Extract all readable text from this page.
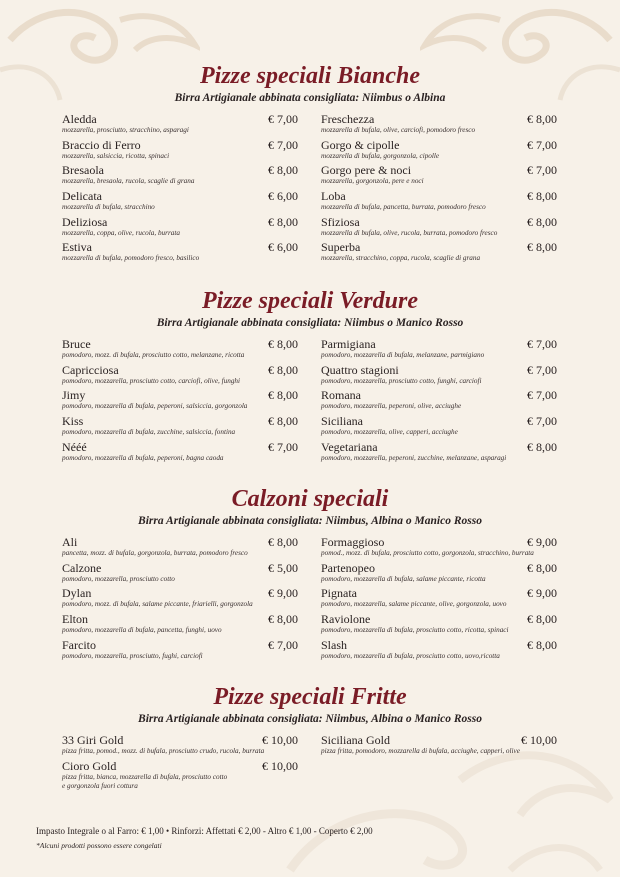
Pizze speciali Bianche

Birra Artigianale abbinata consigliata: Niimbus o Albina

Aledda	€ 7,00
mozzarella, prosciutto, stracchino, asparagi
Braccio di Ferro	€ 7,00
mozzarella, salsiccia, ricotta, spinaci
Bresaola	€ 8,00
mozzarella, bresaola, rucola, scaglie di grana
Delicata	€ 6,00
mozzarella di bufala, stracchino
Deliziosa	€ 8,00
mozzarella, coppa, olive, rucola, burrata
Estiva	€ 6,00
mozzarella di bufala, pomodoro fresco, basilico
Freschezza	€ 8,00
mozzarella di bufala, olive, carciofi, pomodoro fresco
Gorgo & cipolle	€ 7,00
mozzarella di bufala, gorgonzola, cipolle
Gorgo pere & noci	€ 7,00
mozzarella, gorgonzola, pere e noci
Loba	€ 8,00
mozzarella di bufala, pancetta, burrata, pomodoro fresco
Sfiziosa	€ 8,00
mozzarella di bufala, olive, rucola, burrata, pomodoro fresco
Superba	€ 8,00
mozzarella, stracchino, coppa, rucola, scaglie di grana
Pizze speciali Verdure

Birra Artigianale abbinata consigliata: Niimbus o Manico Rosso

Bruce	€ 8,00
pomodoro, mozz. di bufala, prosciutto cotto, melanzane, ricotta
Capricciosa	€ 8,00
pomodoro, mozzarella, prosciutto cotto, carciofi, olive, funghi
Jimy	€ 8,00
pomodoro, mozzarella di bufala, peperoni, salsiccia, gorgonzola
Kiss	€ 8,00
pomodoro, mozzarella di bufala, zucchine, salsiccia, fontina
Nééé	€ 7,00
pomodoro, mozzarella di bufala, peperoni, bagna caoda
Parmigiana	€ 7,00
pomodoro, mozzarella di bufala, melanzane, parmigiano
Quattro stagioni	€ 7,00
pomodoro, mozzarella, prosciutto cotto, funghi, carciofi
Romana	€ 7,00
pomodoro, mozzarella, peperoni, olive, acciughe
Siciliana	€ 7,00
pomodoro, mozzarella, olive, capperi, acciughe
Vegetariana	€ 8,00
pomodoro, mozzarella, peperoni, zucchine, melanzane, asparagi
Calzoni speciali

Birra Artigianale abbinata consigliata: Niimbus, Albina o Manico Rosso

Ali	€ 8,00
pancetta, mozz. di bufala, gorgonzola, burrata, pomodoro fresco
Calzone	€ 5,00
pomodoro, mozzarella, prosciutto cotto
Dylan	€ 9,00
pomodoro, mozz. di bufala, salame piccante, friarielli, gorgonzola
Elton	€ 8,00
pomodoro, mozzarella di bufala, pancetta, funghi, uovo
Farcito	€ 7,00
pomodoro, mozzarella, prosciutto, fughi, carciofi
Formaggioso	€ 9,00
pomod., mozz. di bufala, prosciutto cotto, gorgonzola, stracchino, burrata
Partenopeo	€ 8,00
pomodoro, mozzarella di bufala, salame piccante, ricotta
Pignata	€ 9,00
pomodoro, mozzarella, salame piccante, olive, gorgonzola, uovo
Raviolone	€ 8,00
pomodoro, mozzarella di bufala, prosciutto cotto, ricotta, spinaci
Slash	€ 8,00
pomodoro, mozzarella di bufala, prosciutto cotto, uovo,ricotta
Pizze speciali Fritte

Birra Artigianale abbinata consigliata: Niimbus, Albina o Manico Rosso

33 Giri Gold	€ 10,00
pizza fritta, pomod., mozz. di bufala, prosciutto crudo, rucola, burrata
Cioro Gold	€ 10,00
pizza fritta, bianca, mozzarella di bufala, prosciutto cotto
e gorgonzola fuori cottura
Siciliana Gold	€ 10,00
pizza fritta, pomodoro, mozzarella di bufala, acciughe, capperi, olive
Impasto Integrale o al Farro: € 1,00 • Rinforzi: Affettati € 2,00 - Altro € 1,00 - Coperto € 2,00
*Alcuni prodotti possono essere congelati
